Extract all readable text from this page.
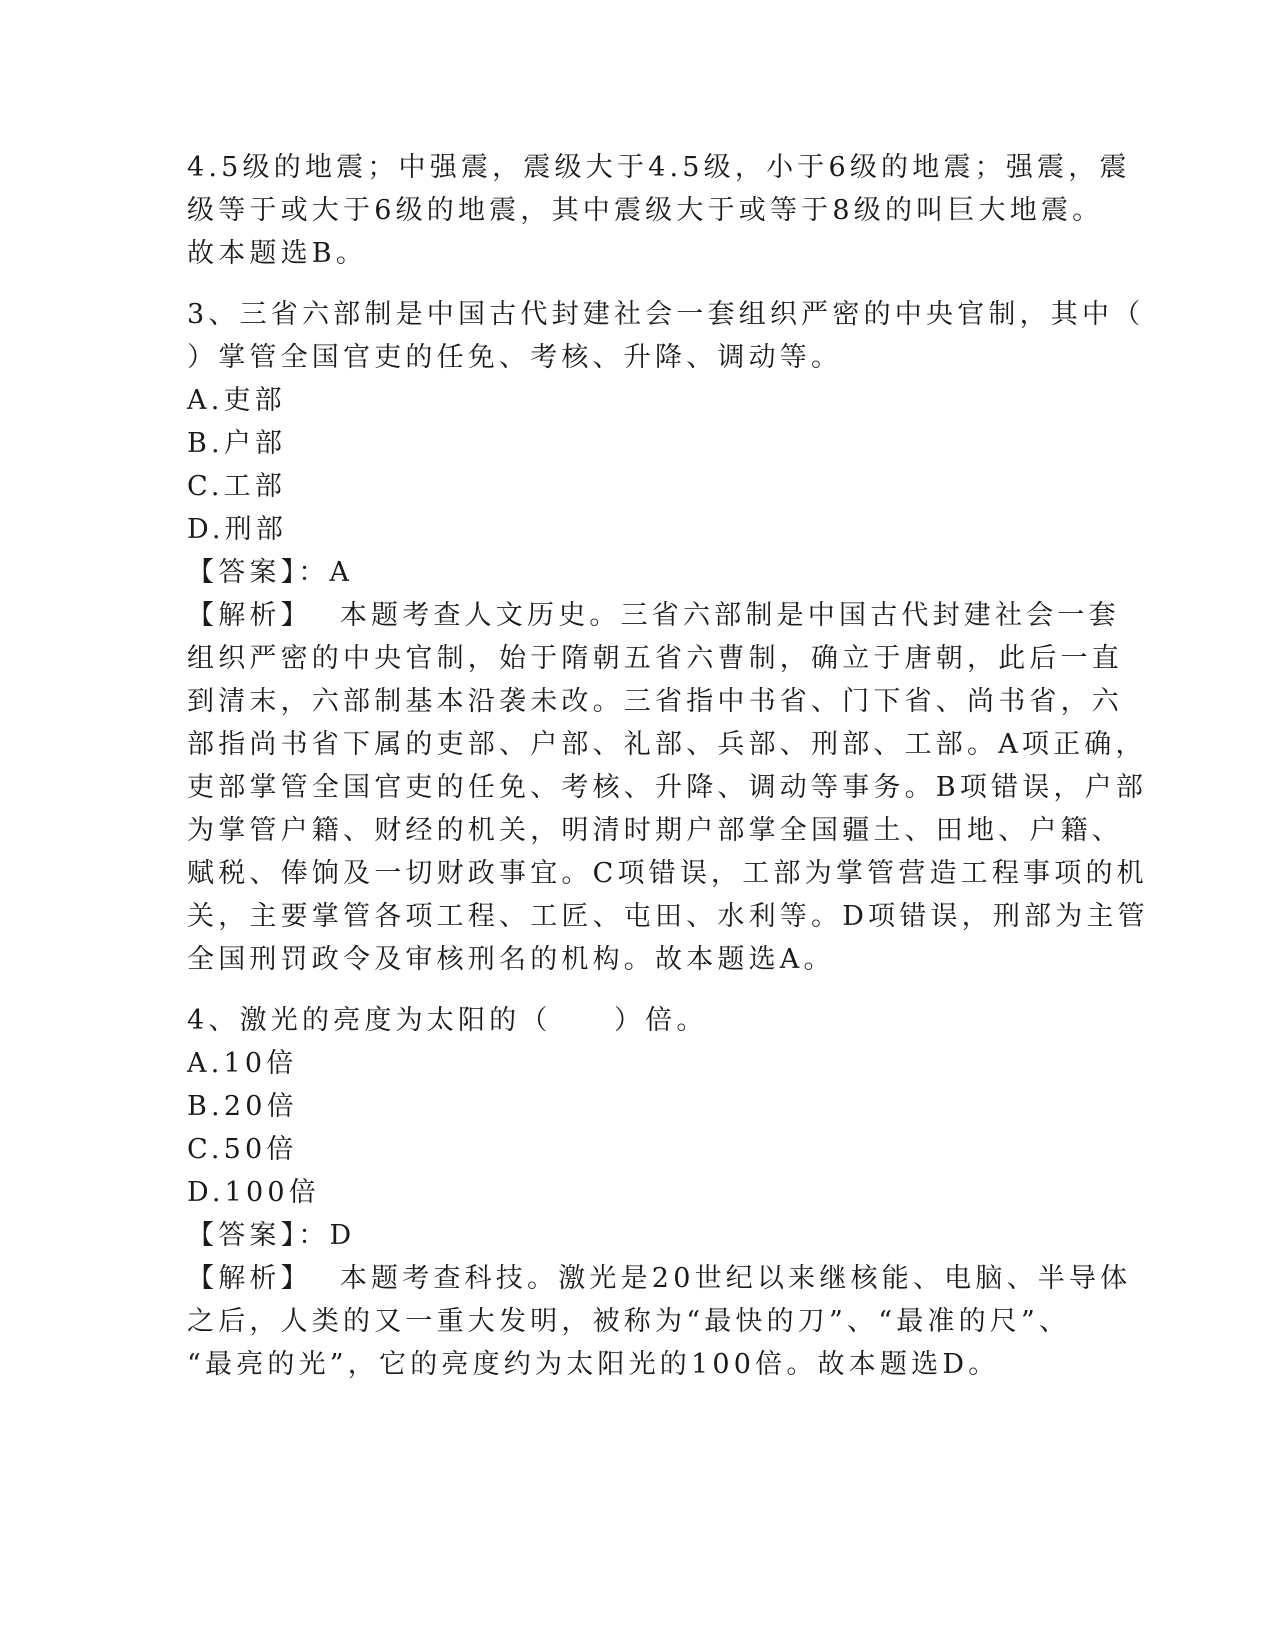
4.5级的地震；中强震，震级大于4.5级，小于6级的地震；强震，震
级等于或大于6级的地震，其中震级大于或等于8级的叫巨大地震。
故本题选B。
3、三省六部制是中国古代封建社会一套组织严密的中央官制，其中（
）掌管全国官吏的任免、考核、升降、调动等。
A.吏部
B.户部
C.工部
D.刑部
【答案】：A
【解析】 本题考查人文历史。三省六部制是中国古代封建社会一套
组织严密的中央官制，始于隋朝五省六曹制，确立于唐朝，此后一直
到清末，六部制基本沿袭未改。三省指中书省、门下省、尚书省，六
部指尚书省下属的吏部、户部、礼部、兵部、刑部、工部。A项正确，
吏部掌管全国官吏的任免、考核、升降、调动等事务。B项错误，户部
为掌管户籍、财经的机关，明清时期户部掌全国疆土、田地、户籍、
赋税、俸饷及一切财政事宜。C项错误，工部为掌管营造工程事项的机
关，主要掌管各项工程、工匠、屯田、水利等。D项错误，刑部为主管
全国刑罚政令及审核刑名的机构。故本题选A。
4、激光的亮度为太阳的（　　）倍。
A.10倍
B.20倍
C.50倍
D.100倍
【答案】：D
【解析】 本题考查科技。激光是20世纪以来继核能、电脑、半导体
之后，人类的又一重大发明，被称为“最快的刀”、“最准的尺”、
“最亮的光”，它的亮度约为太阳光的100倍。故本题选D。
